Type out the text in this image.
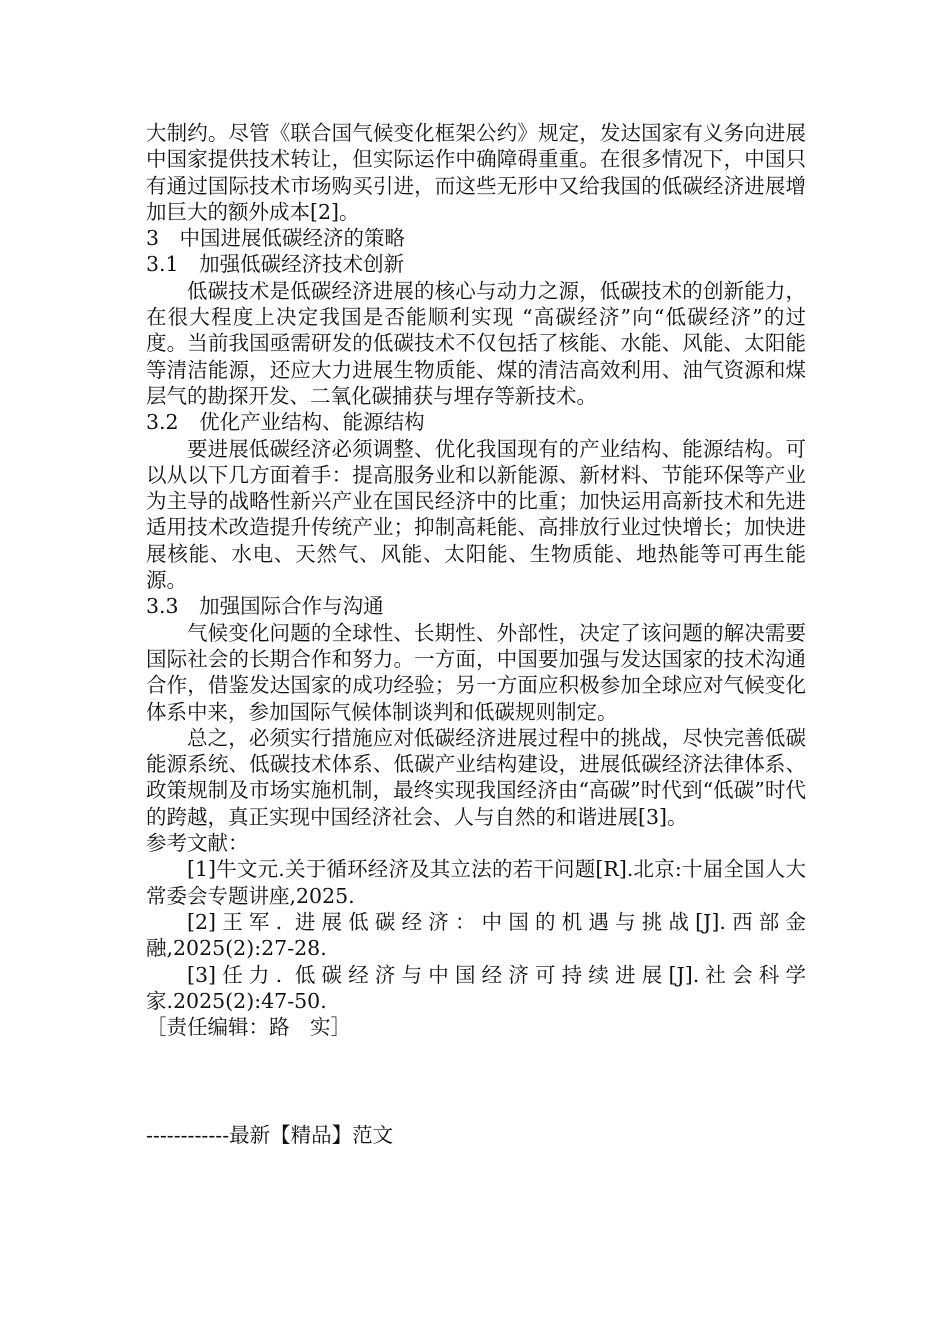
大制约。尽管《联合国气候变化框架公约》规定，发达国家有义务向进展中国家提供技术转让，但实际运作中确障碍重重。在很多情况下，中国只有通过国际技术市场购买引进，而这些无形中又给我国的低碳经济进展增加巨大的额外成本[2]。

3　中国进展低碳经济的策略

3.1　加强低碳经济技术创新

低碳技术是低碳经济进展的核心与动力之源，低碳技术的创新能力，在很大程度上决定我国是否能顺利实现 “高碳经济”向“低碳经济”的过度。当前我国亟需研发的低碳技术不仅包括了核能、水能、风能、太阳能等清洁能源，还应大力进展生物质能、煤的清洁高效利用、油气资源和煤层气的勘探开发、二氧化碳捕获与埋存等新技术。

3.2　优化产业结构、能源结构

要进展低碳经济必须调整、优化我国现有的产业结构、能源结构。可以从以下几方面着手：提高服务业和以新能源、新材料、节能环保等产业为主导的战略性新兴产业在国民经济中的比重；加快运用高新技术和先进适用技术改造提升传统产业；抑制高耗能、高排放行业过快增长；加快进展核能、水电、天然气、风能、太阳能、生物质能、地热能等可再生能源。

3.3　加强国际合作与沟通

气候变化问题的全球性、长期性、外部性，决定了该问题的解决需要国际社会的长期合作和努力。一方面，中国要加强与发达国家的技术沟通合作，借鉴发达国家的成功经验；另一方面应积极参加全球应对气候变化体系中来，参加国际气候体制谈判和低碳规则制定。

总之，必须实行措施应对低碳经济进展过程中的挑战，尽快完善低碳能源系统、低碳技术体系、低碳产业结构建设，进展低碳经济法律体系、政策规制及市场实施机制，最终实现我国经济由“高碳”时代到“低碳”时代的跨越，真正实现中国经济社会、人与自然的和谐进展[3]。

参考文献：

[1]牛文元.关于循环经济及其立法的若干问题[R].北京:十届全国人大常委会专题讲座,2025.

[2]王军. 进展低碳经济：中国的机遇与挑战[J].西部金融,2025(2):27-28.

[3]任力. 低碳经济与中国经济可持续进展[J].社会科学家.2025(2):47-50.

［责任编辑：路　实］

------------最新【精品】范文
